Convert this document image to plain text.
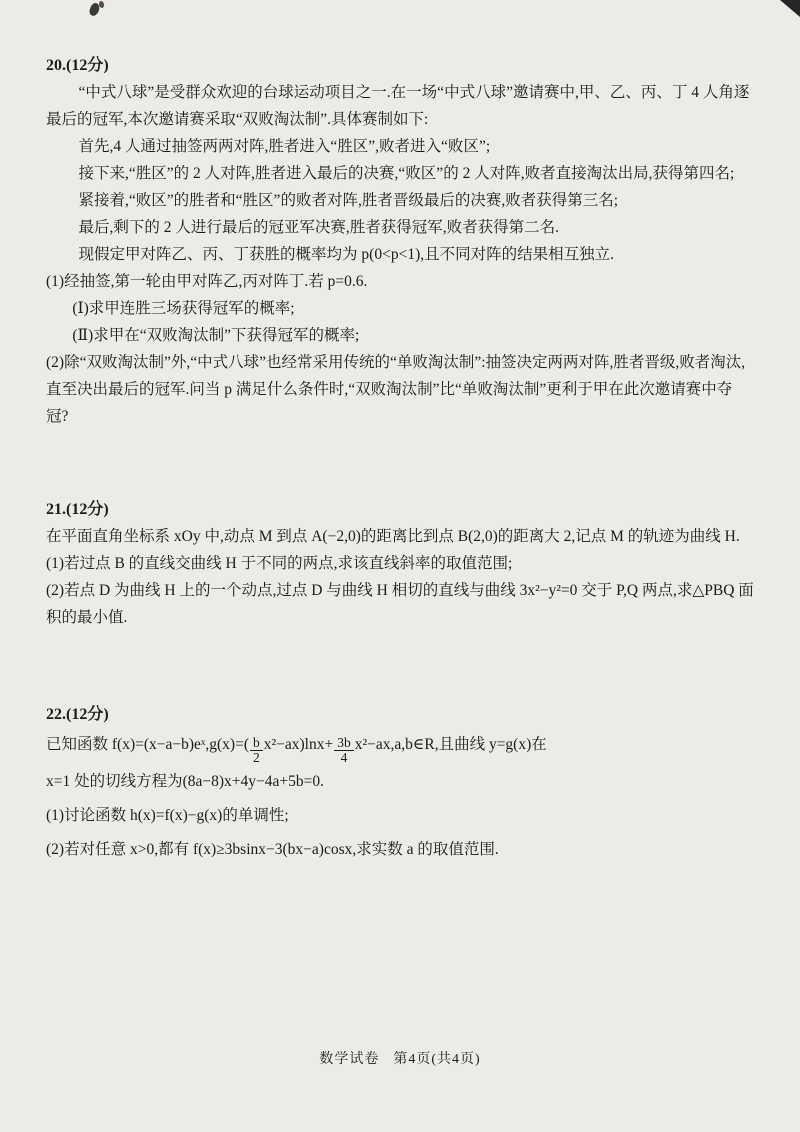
20.(12分)

“中式八球”是受群众欢迎的台球运动项目之一.在一场“中式八球”邀请赛中,甲、乙、丙、丁 4 人角逐最后的冠军,本次邀请赛采取“双败淘汰制”.具体赛制如下:

首先,4 人通过抽签两两对阵,胜者进入“胜区”,败者进入“败区”;

接下来,“胜区”的 2 人对阵,胜者进入最后的决赛,“败区”的 2 人对阵,败者直接淘汰出局,获得第四名;

紧接着,“败区”的胜者和“胜区”的败者对阵,胜者晋级最后的决赛,败者获得第三名;

最后,剩下的 2 人进行最后的冠亚军决赛,胜者获得冠军,败者获得第二名.

现假定甲对阵乙、丙、丁获胜的概率均为 p(0<p<1),且不同对阵的结果相互独立.

(1)经抽签,第一轮由甲对阵乙,丙对阵丁.若 p=0.6.

(Ⅰ)求甲连胜三场获得冠军的概率;

(Ⅱ)求甲在“双败淘汰制”下获得冠军的概率;

(2)除“双败淘汰制”外,“中式八球”也经常采用传统的“单败淘汰制”:抽签决定两两对阵,胜者晋级,败者淘汰,直至决出最后的冠军.问当 p 满足什么条件时,“双败淘汰制”比“单败淘汰制”更利于甲在此次邀请赛中夺冠?

21.(12分)

在平面直角坐标系 xOy 中,动点 M 到点 A(−2,0)的距离比到点 B(2,0)的距离大 2,记点 M 的轨迹为曲线 H.

(1)若过点 B 的直线交曲线 H 于不同的两点,求该直线斜率的取值范围;

(2)若点 D 为曲线 H 上的一个动点,过点 D 与曲线 H 相切的直线与曲线 3x²−y²=0 交于 P,Q 两点,求△PBQ 面积的最小值.

22.(12分)

已知函数 f(x)=(x−a−b)eˣ,g(x)=( $\frac{b}{2} x^2-ax)\ln x+ \frac{3b}{4}$ x²−ax,a,b∈R,且曲线 y=g(x)在

x=1 处的切线方程为(8a−8)x+4y−4a+5b=0.

(1)讨论函数 h(x)=f(x)−g(x)的单调性;

(2)若对任意 x>0,都有 f(x)≥3bsinx−3(bx−a)cosx,求实数 a 的取值范围.

数学试卷 第4页(共4页)
